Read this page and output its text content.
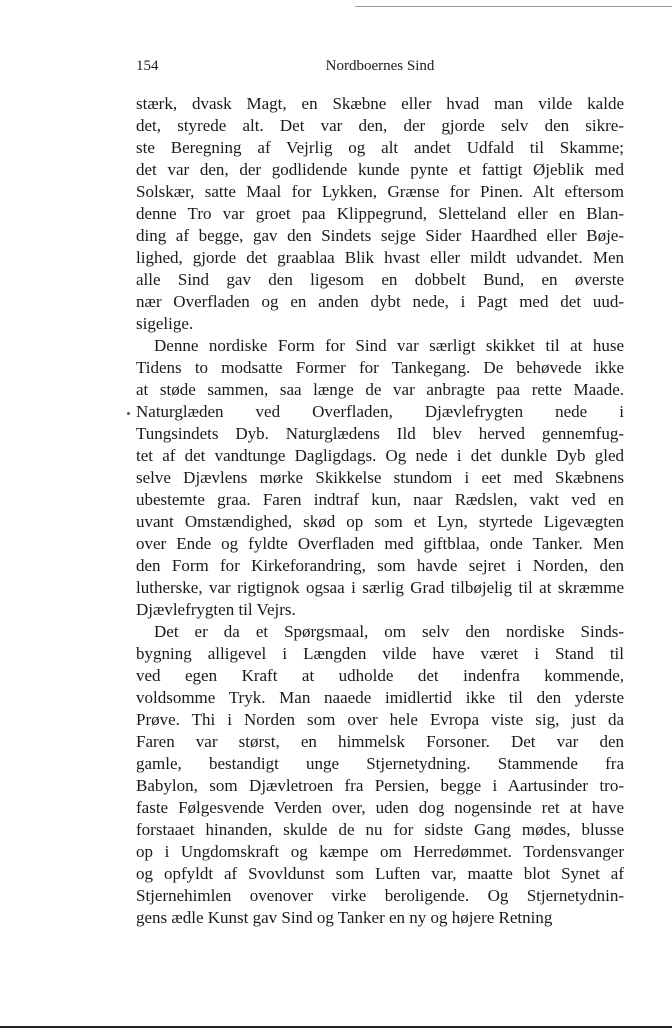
154	Nordboernes Sind
stærk, dvask Magt, en Skæbne eller hvad man vilde kalde
det, styrede alt. Det var den, der gjorde selv den sikre-
ste Beregning af Vejrlig og alt andet Udfald til Skamme;
det var den, der godlidende kunde pynte et fattigt Øjeblik med
Solskær, satte Maal for Lykken, Grænse for Pinen. Alt eftersom
denne Tro var groet paa Klippegrund, Sletteland eller en Blan-
ding af begge, gav den Sindets sejge Sider Haardhed eller Bøje-
lighed, gjorde det graablaa Blik hvast eller mildt udvandet. Men
alle Sind gav den ligesom en dobbelt Bund, en øverste
nær Overfladen og en anden dybt nede, i Pagt med det uud-
sigelige.
Denne nordiske Form for Sind var særligt skikket til at huse
Tidens to modsatte Former for Tankegang. De behøvede ikke
at støde sammen, saa længe de var anbragte paa rette Maade.
Naturglæden ved Overfladen, Djævlefrygten nede i
Tungsindets Dyb. Naturglædens Ild blev herved gennemfug-
tet af det vandtunge Dagligdags. Og nede i det dunkle Dyb gled
selve Djævlens mørke Skikkelse stundom i eet med Skæbnens
ubestemte graa. Faren indtraf kun, naar Rædslen, vakt ved en
uvant Omstændighed, skød op som et Lyn, styrtede Ligevægten
over Ende og fyldte Overfladen med giftblaa, onde Tanker. Men
den Form for Kirkeforandring, som havde sejret i Norden, den
lutherske, var rigtignok ogsaa i særlig Grad tilbøjelig til at skræmme
Djævlefrygten til Vejrs.
Det er da et Spørgsmaal, om selv den nordiske Sinds-
bygning alligevel i Længden vilde have været i Stand til
ved egen Kraft at udholde det indenfra kommende,
voldsomme Tryk. Man naaede imidlertid ikke til den yderste
Prøve. Thi i Norden som over hele Evropa viste sig, just da
Faren var størst, en himmelsk Forsoner. Det var den
gamle, bestandigt unge Stjernetydning. Stammende fra
Babylon, som Djævletroen fra Persien, begge i Aartusinder tro-
faste Følgesvende Verden over, uden dog nogensinde ret at have
forstaaet hinanden, skulde de nu for sidste Gang mødes, blusse
op i Ungdomskraft og kæmpe om Herredømmet. Tordensvanger
og opfyldt af Svovldunst som Luften var, maatte blot Synet af
Stjernehimlen ovenover virke beroligende. Og Stjernetydnin-
gens ædle Kunst gav Sind og Tanker en ny og højere Retning
